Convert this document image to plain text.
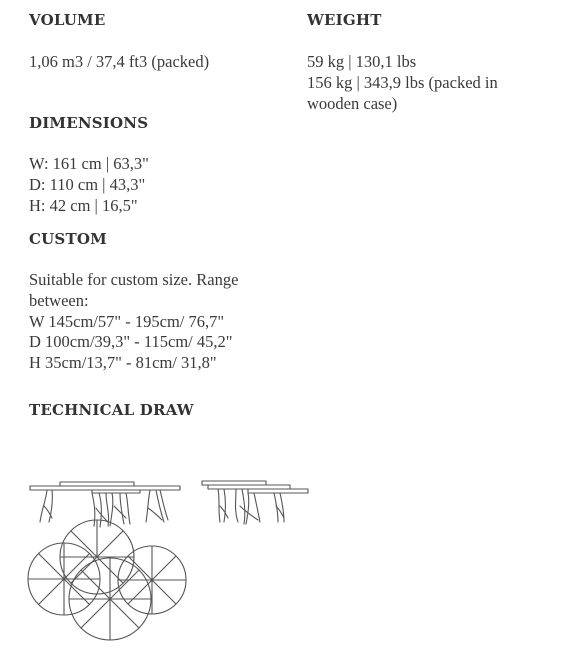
VOLUME

1,06 m3 / 37,4 ft3 (packed)

DIMENSIONS

W: 161 cm | 63,3"
D: 110 cm | 43,3"
H: 42 cm | 16,5"

CUSTOM

Suitable for custom size. Range
between:
W 145cm/57" - 195cm/ 76,7"
D 100cm/39,3" - 115cm/ 45,2"
H 35cm/13,7" - 81cm/ 31,8"

TECHNICAL DRAW
WEIGHT

59 kg | 130,1 lbs
156 kg | 343,9 lbs (packed in
wooden case)
